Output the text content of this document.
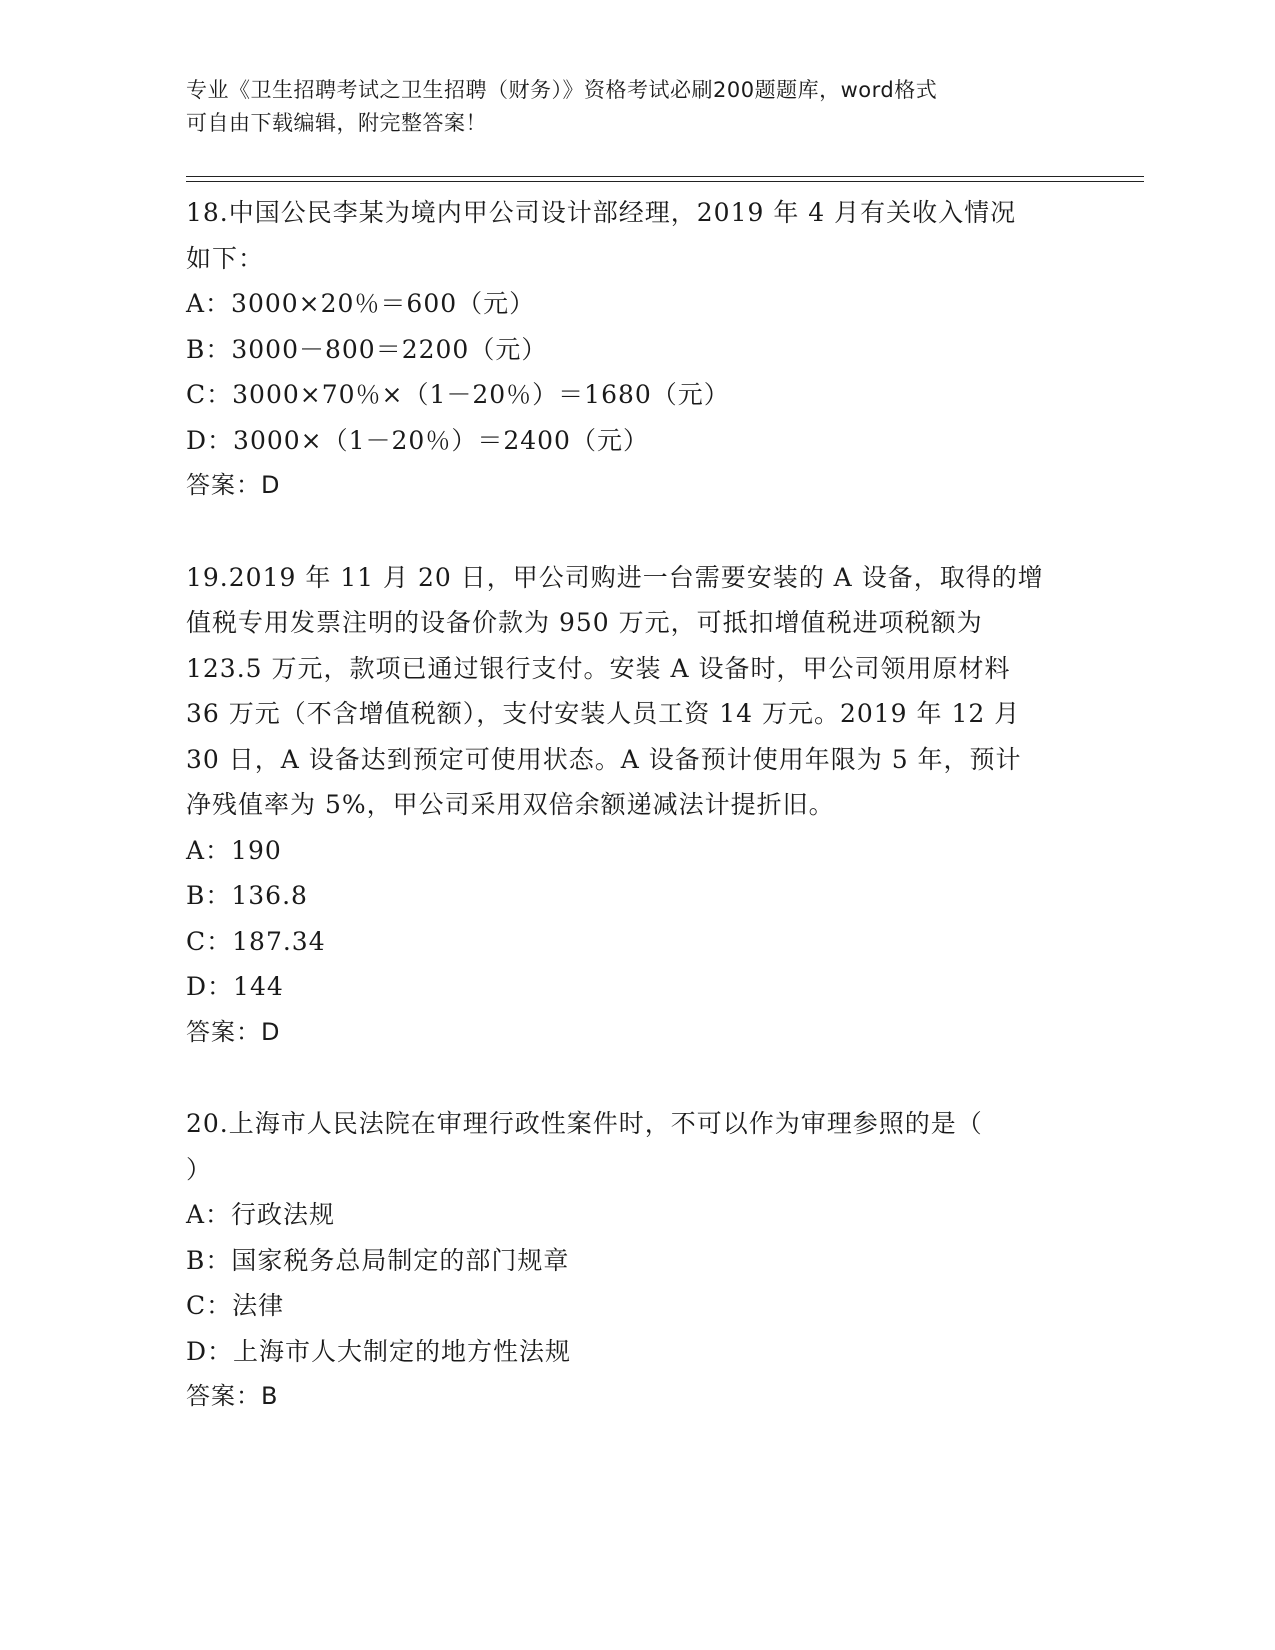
专业《卫生招聘考试之卫生招聘（财务）》资格考试必刷200题题库，word格式
可自由下载编辑，附完整答案！

18.中国公民李某为境内甲公司设计部经理，2019 年 4 月有关收入情况

如下：

A：3000×20％＝600（元）

B：3000－800＝2200（元）

C：3000×70％×（1－20％）＝1680（元）

D：3000×（1－20％）＝2400（元）

答案：D

19.2019 年 11 月 20 日，甲公司购进一台需要安装的 A 设备，取得的增

值税专用发票注明的设备价款为 950 万元，可抵扣增值税进项税额为

123.5 万元，款项已通过银行支付。安装 A 设备时，甲公司领用原材料

36 万元（不含增值税额），支付安装人员工资 14 万元。2019 年 12 月

30 日，A 设备达到预定可使用状态。A 设备预计使用年限为 5 年，预计

净残值率为 5%，甲公司采用双倍余额递减法计提折旧。

A：190

B：136.8

C：187.34

D：144

答案：D

20.上海市人民法院在审理行政性案件时，不可以作为审理参照的是（

）

A：行政法规

B：国家税务总局制定的部门规章

C：法律

D：上海市人大制定的地方性法规

答案：B
